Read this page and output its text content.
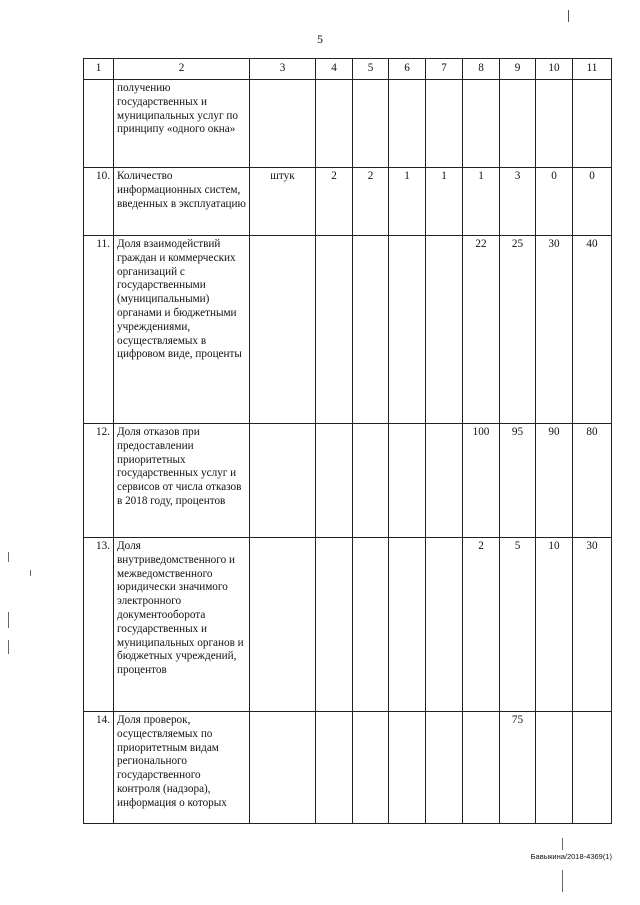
5
1	2	3	4	5	6	7	8	9	10	11
	получению государственных и муниципальных услуг по принципу «одного окна»									
10.	Количество информационных систем, введенных в эксплуатацию	штук	2	2	1	1	1	3	0	0
11.	Доля взаимодействий граждан и коммерческих организаций с государственными (муниципальными) органами и бюджетными учреждениями, осуществляемых в цифровом виде, проценты						22	25	30	40
12.	Доля отказов при предоставлении приоритетных государственных услуг и сервисов от числа отказов в 2018 году, процентов						100	95	90	80
13.	Доля внутриведомственного и межведомственного юридически значимого электронного документооборота государственных и муниципальных органов и бюджетных учреждений, процентов						2	5	10	30
14.	Доля проверок, осуществляемых по приоритетным видам регионального государственного контроля (надзора), информация о которых							75		
Бавыкина/2018-4369(1)
